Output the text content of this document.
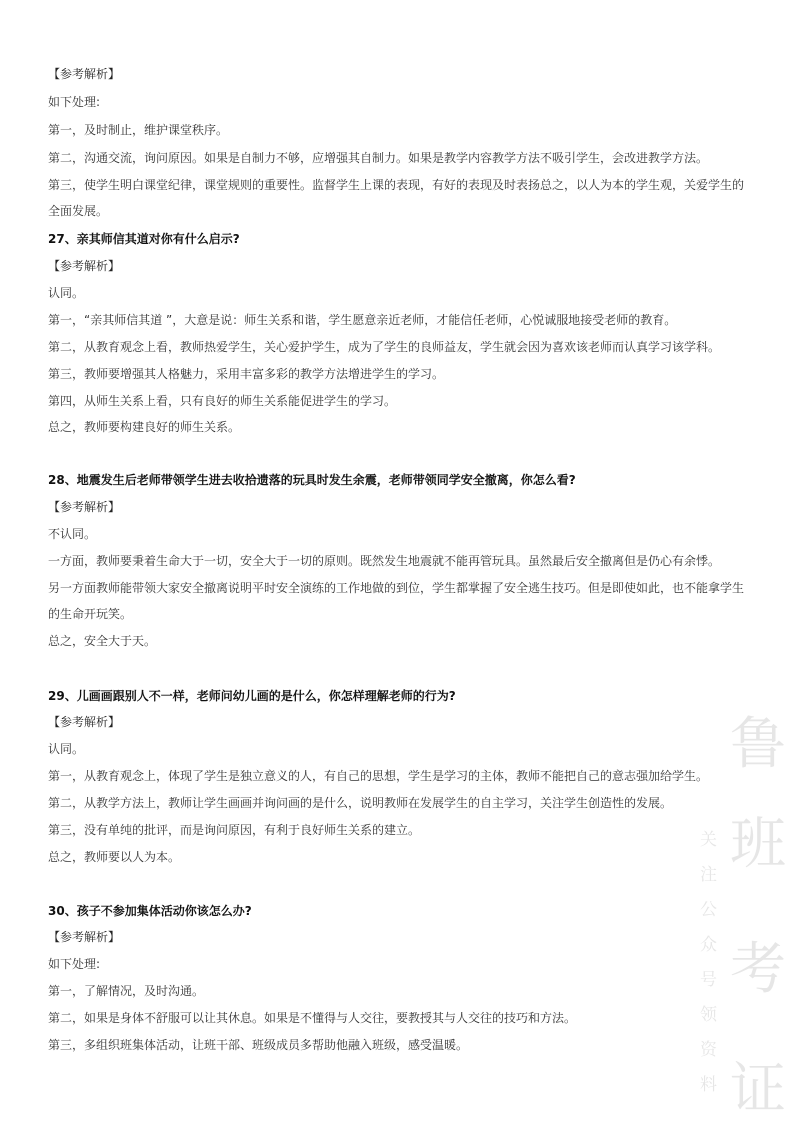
【参考解析】
如下处理:
第一，及时制止，维护课堂秩序。
第二，沟通交流，询问原因。如果是自制力不够，应增强其自制力。如果是教学内容教学方法不吸引学生，会改进教学方法。
第三，使学生明白课堂纪律，课堂规则的重要性。监督学生上课的表现，有好的表现及时表扬总之，以人为本的学生观，关爱学生的
全面发展。
27、亲其师信其道对你有什么启示?
【参考解析】
认同。
第一，“亲其师信其道 ”，大意是说：师生关系和谐，学生愿意亲近老师，才能信任老师，心悦诚服地接受老师的教育。
第二，从教育观念上看，教师热爱学生，关心爱护学生，成为了学生的良师益友，学生就会因为喜欢该老师而认真学习该学科。
第三，教师要增强其人格魅力，采用丰富多彩的教学方法增进学生的学习。
第四，从师生关系上看，只有良好的师生关系能促进学生的学习。
总之，教师要构建良好的师生关系。
28、地震发生后老师带领学生进去收拾遗落的玩具时发生余震，老师带领同学安全撤离，你怎么看?
【参考解析】
不认同。
一方面，教师要秉着生命大于一切，安全大于一切的原则。既然发生地震就不能再管玩具。虽然最后安全撤离但是仍心有余悸。
另一方面教师能带领大家安全撤离说明平时安全演练的工作地做的到位，学生都掌握了安全逃生技巧。但是即使如此，也不能拿学生
的生命开玩笑。
总之，安全大于天。
29、儿画画跟别人不一样，老师问幼儿画的是什么，你怎样理解老师的行为?
【参考解析】
认同。
第一，从教育观念上，体现了学生是独立意义的人，有自己的思想，学生是学习的主体，教师不能把自己的意志强加给学生。
第二，从教学方法上，教师让学生画画并询问画的是什么，说明教师在发展学生的自主学习，关注学生创造性的发展。
第三，没有单纯的批评，而是询问原因，有利于良好师生关系的建立。
总之，教师要以人为本。
30、孩子不参加集体活动你该怎么办?
【参考解析】
如下处理:
第一，了解情况，及时沟通。
第二，如果是身体不舒服可以让其休息。如果是不懂得与人交往，要教授其与人交往的技巧和方法。
第三，多组织班集体活动，让班干部、班级成员多帮助他融入班级，感受温暖。
鲁
班
考
证
关
注
公
众
号
领
资
料
